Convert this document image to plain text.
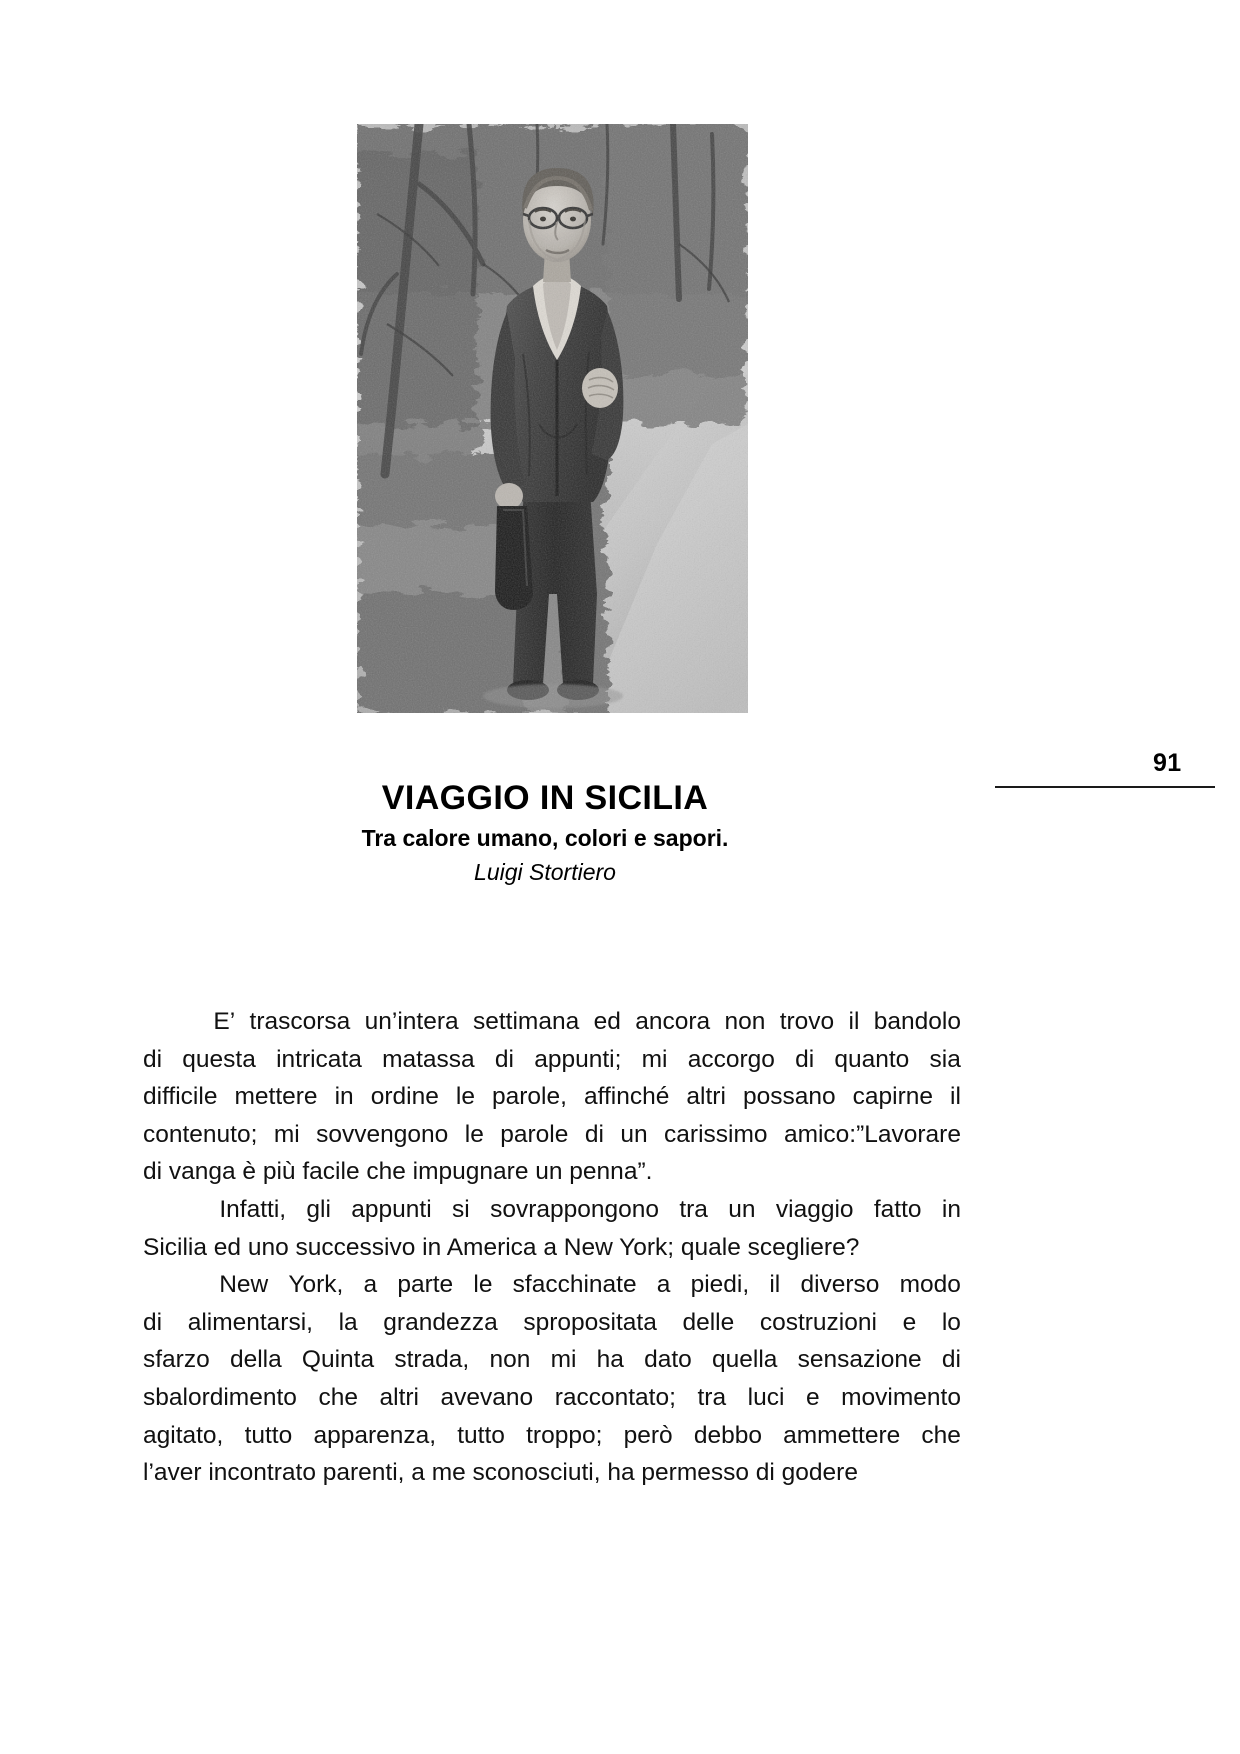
91
VIAGGIO IN SICILIA

Tra calore umano, colori e sapori.

Luigi Stortiero

E’ trascorsa un’intera settimana ed ancora non trovo il bandolo
di questa intricata matassa di appunti; mi accorgo di quanto sia
difficile mettere in ordine le parole, affinché altri possano capirne il
contenuto; mi sovvengono le parole di un carissimo amico:”Lavorare
di vanga è più facile che impugnare un penna”.

Infatti, gli appunti si sovrappongono tra un viaggio fatto in
Sicilia ed uno successivo in America a New York; quale scegliere?

New York, a parte le sfacchinate a piedi, il diverso modo
di alimentarsi, la grandezza spropositata delle costruzioni e lo
sfarzo della Quinta strada, non mi ha dato quella sensazione di
sbalordimento che altri avevano raccontato; tra luci e movimento
agitato, tutto apparenza, tutto troppo; però debbo ammettere che
l’aver incontrato parenti, a me sconosciuti, ha permesso di godere
